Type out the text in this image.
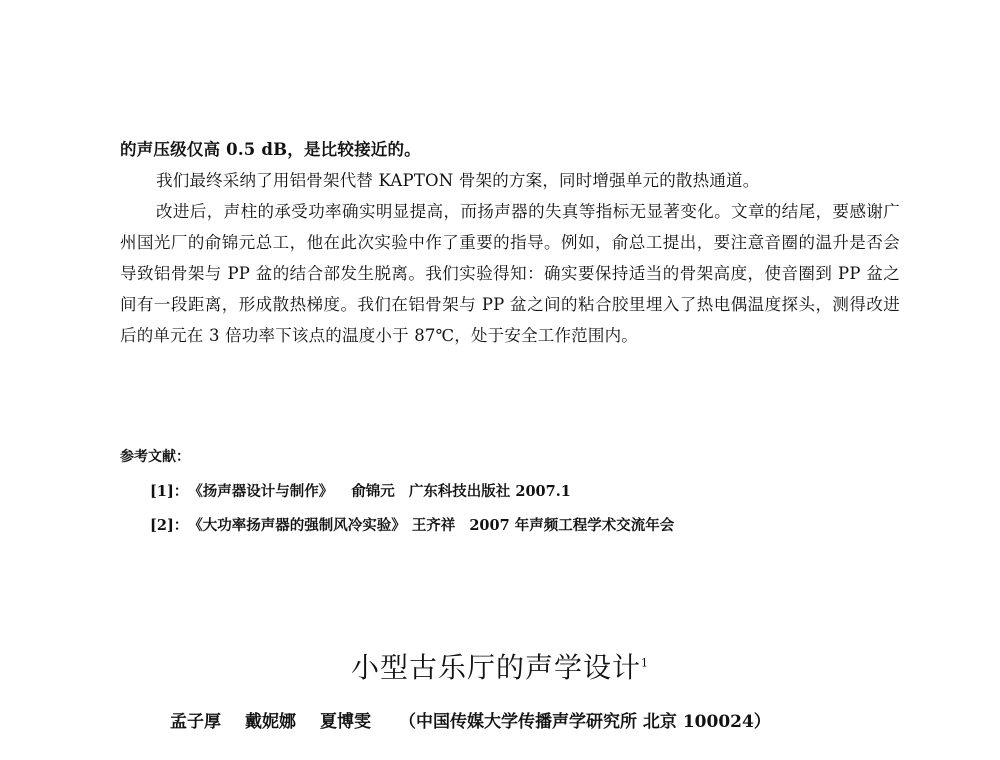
的声压级仅高 0.5 dB，是比较接近的。

我们最终采纳了用铝骨架代替 KAPTON 骨架的方案，同时增强单元的散热通道。

改进后，声柱的承受功率确实明显提高，而扬声器的失真等指标无显著变化。文章的结尾，要感谢广州国光厂的俞锦元总工，他在此次实验中作了重要的指导。例如，俞总工提出，要注意音圈的温升是否会导致铝骨架与 PP 盆的结合部发生脱离。我们实验得知：确实要保持适当的骨架高度，使音圈到 PP 盆之间有一段距离，形成散热梯度。我们在铝骨架与 PP 盆之间的粘合胶里埋入了热电偶温度探头，测得改进后的单元在 3 倍功率下该点的温度小于 87℃，处于安全工作范围内。

参考文献：
[1]：《扬声器设计与制作》 俞锦元 广东科技出版社 2007.1
[2]：《大功率扬声器的强制风冷实验》 王齐祥 2007 年声频工程学术交流年会
小型古乐厅的声学设计$^1$
孟子厚 戴妮娜 夏博雯 （中国传媒大学传播声学研究所 北京 100024）
